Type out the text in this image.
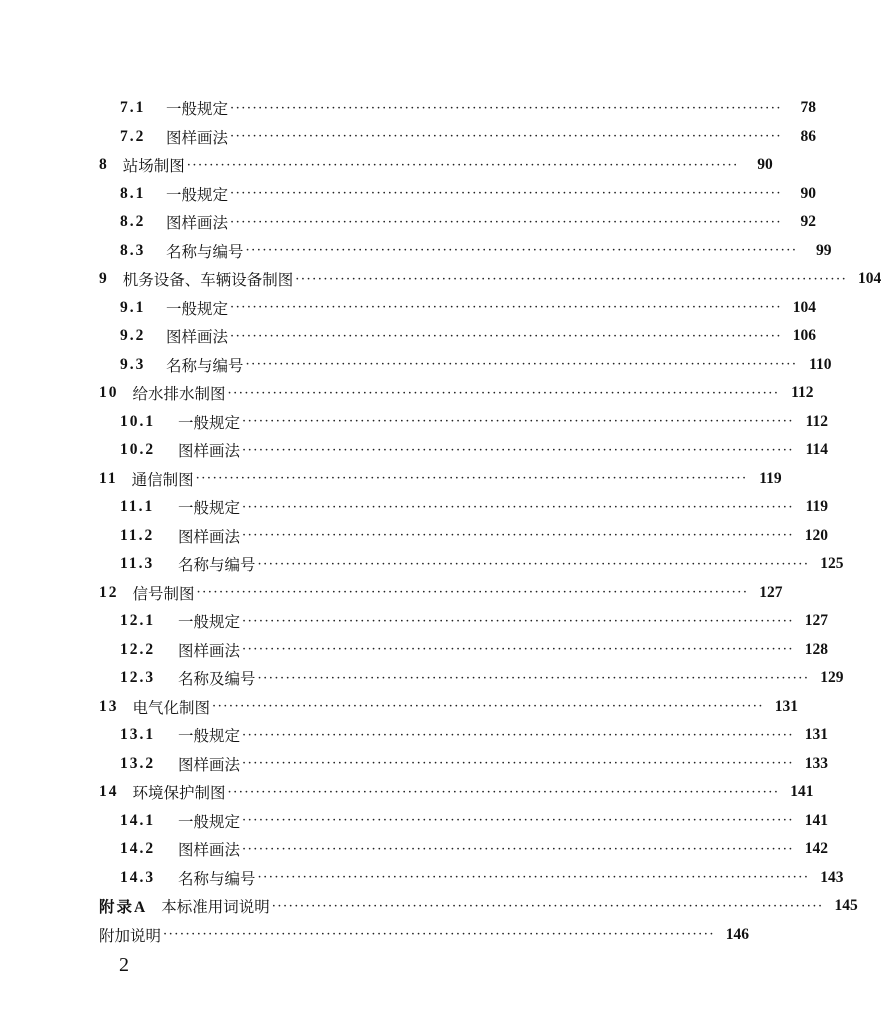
7.1	一般规定 ··································································································	78
7.2	图样画法 ··································································································	86
8 站场制图 ··································································································	90
8.1	一般规定 ··································································································	90
8.2	图样画法 ··································································································	92
8.3	名称与编号 ··································································································	99
9 机务设备、车辆设备制图 ·································································································· 104
9.1	一般规定 ·································································································· 104
9.2	图样画法 ·································································································· 106
9.3	名称与编号 ·································································································· 110
10 给水排水制图 ·································································································· 112
10.1	一般规定 ·································································································· 112
10.2	图样画法 ·································································································· 114
11 通信制图 ·································································································· 119
11.1	一般规定 ·································································································· 119
11.2	图样画法 ·································································································· 120
11.3	名称与编号 ·································································································· 125
12 信号制图 ·································································································· 127
12.1	一般规定 ·································································································· 127
12.2	图样画法 ·································································································· 128
12.3	名称及编号 ·································································································· 129
13 电气化制图 ·································································································· 131
13.1	一般规定 ·································································································· 131
13.2	图样画法 ·································································································· 133
14 环境保护制图 ·································································································· 141
14.1	一般规定 ·································································································· 141
14.2	图样画法 ·································································································· 142
14.3	名称与编号 ·································································································· 143
附录A 本标准用词说明 ·································································································· 145
附加说明 ·································································································· 146
2
